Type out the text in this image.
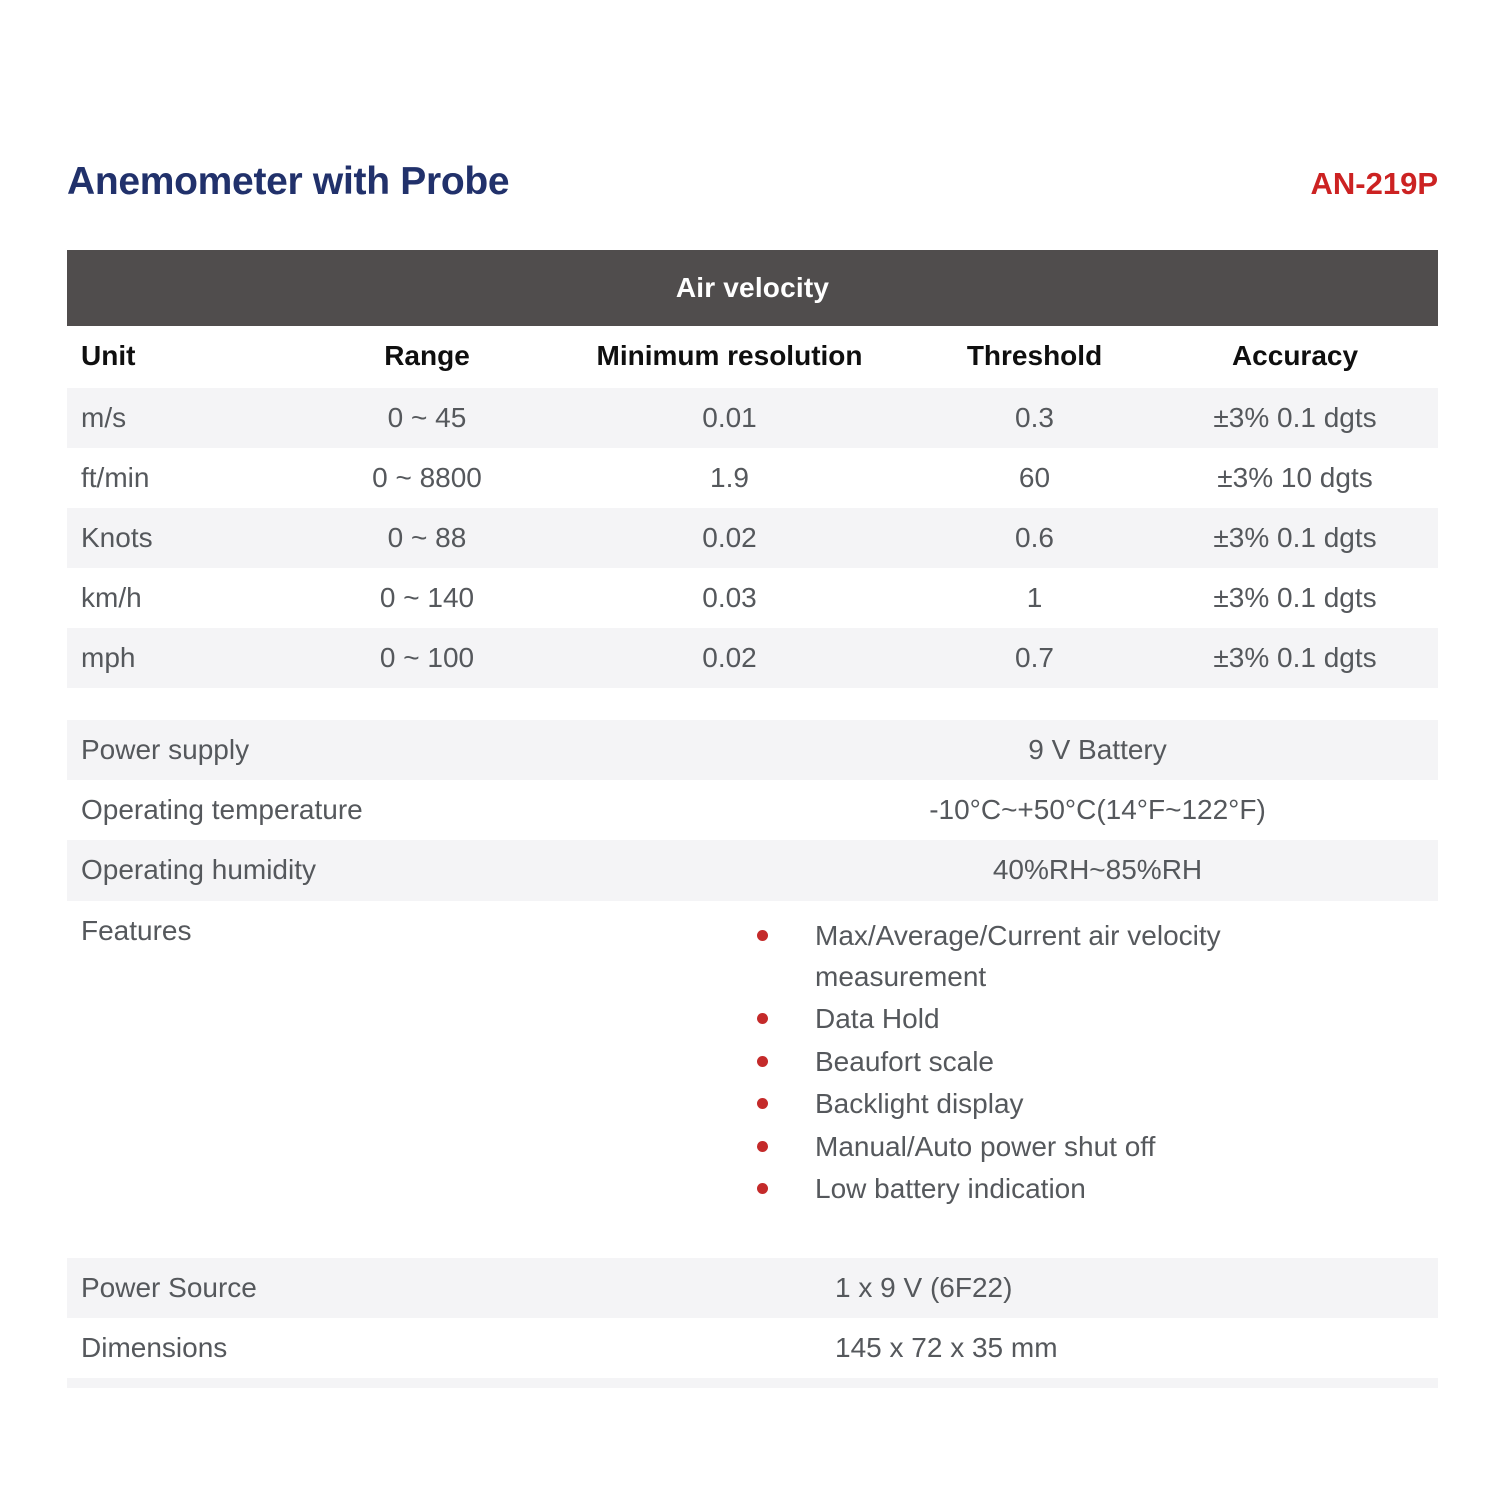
Anemometer with Probe	AN-219P
Air velocity
Unit	Range	Minimum resolution	Threshold	Accuracy
m/s	0 ~ 45	0.01	0.3	±3% 0.1 dgts
ft/min	0 ~ 8800	1.9	60	±3% 10 dgts
Knots	0 ~ 88	0.02	0.6	±3% 0.1 dgts
km/h	0 ~ 140	0.03	1	±3% 0.1 dgts
mph	0 ~ 100	0.02	0.7	±3% 0.1 dgts
Power supply	9 V Battery
Operating temperature	-10°C~+50°C(14°F~122°F)
Operating humidity	40%RH~85%RH
Features	Max/Average/Current air velocity measurement
Data Hold
Beaufort scale
Backlight display
Manual/Auto power shut off
Low battery indication
Power Source	1 x 9 V (6F22)
Dimensions	145 x 72 x 35 mm
